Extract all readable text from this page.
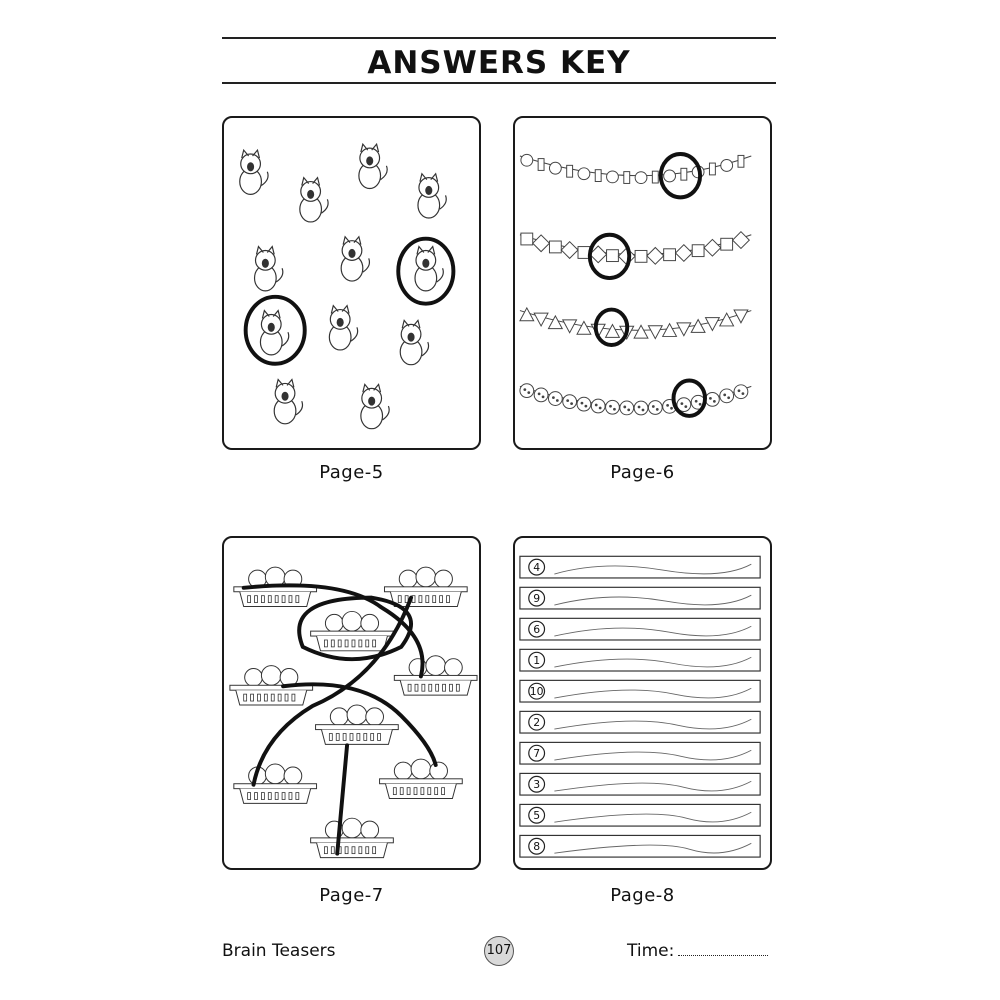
ANSWERS KEY
Page-5	Page-6
Page-7
4
9
6
1
10
2
7
3
5
8
Page-8
Brain Teasers	107	Time:
